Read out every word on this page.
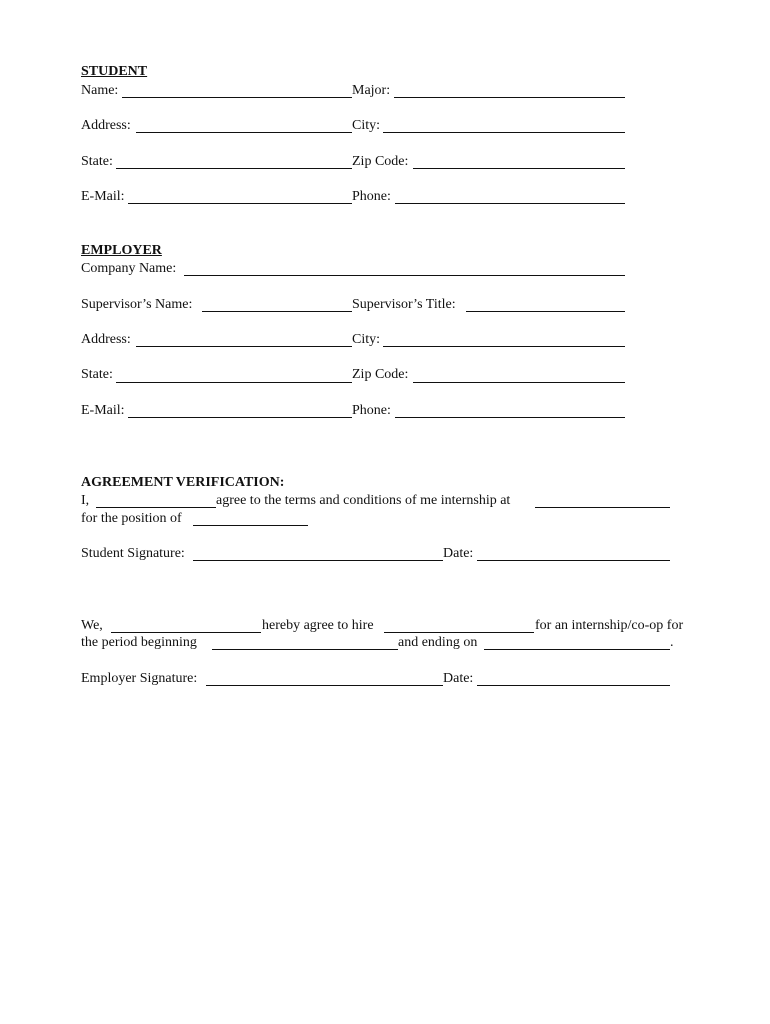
STUDENT
Name:	Major:
Address:	City:
State:	Zip Code:
E-Mail:	Phone:
EMPLOYER
Company Name:
Supervisor’s Name:	Supervisor’s Title:
Address:	City:
State:	Zip Code:
E-Mail:	Phone:
AGREEMENT VERIFICATION:
I,	agree to the terms and conditions of me internship at
for the position of
Student Signature:	Date:
We,	hereby agree to hire	for an internship/co-op for
the period beginning	and ending on	.
Employer Signature:	Date:
